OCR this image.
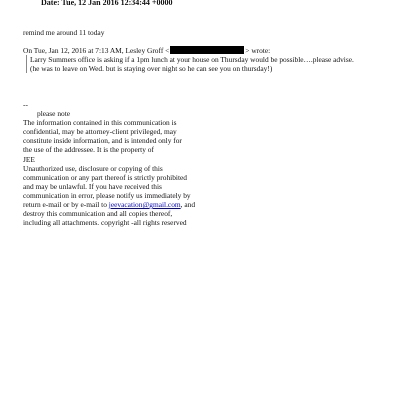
Date: Tue, 12 Jan 2016 12:34:44 +0000
remind me around 11 today
On Tue, Jan 12, 2016 at 7:13 AM, Lesley Groff <	> wrote:
Larry Summers office is asking if a 1pm lunch at your house on Thursday would be possible….please advise.
(he was to leave on Wed. but is staying over night so he can see you on thursday!)
--
please note
The information contained in this communication is
confidential, may be attorney-client privileged, may
constitute inside information, and is intended only for
the use of the addressee. It is the property of
JEE
Unauthorized use, disclosure or copying of this
communication or any part thereof is strictly prohibited
and may be unlawful. If you have received this
communication in error, please notify us immediately by
return e-mail or by e-mail to jeevacation@gmail.com, and
destroy this communication and all copies thereof,
including all attachments. copyright -all rights reserved
